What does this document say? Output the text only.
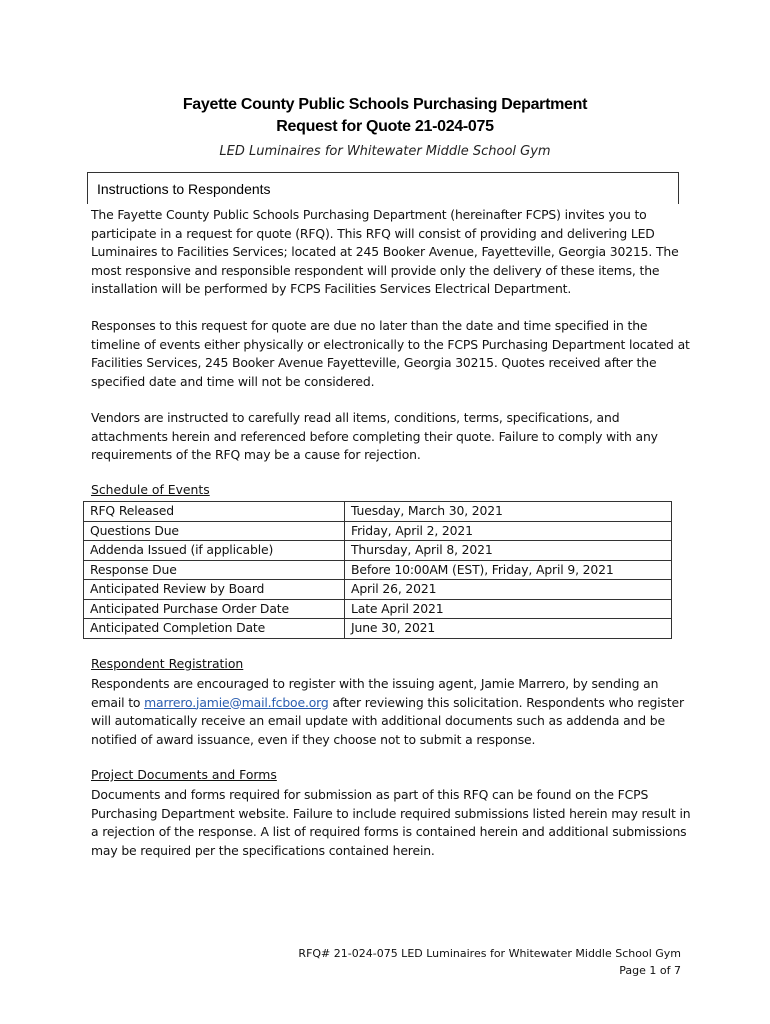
Fayette County Public Schools Purchasing Department
Request for Quote 21-024-075
LED Luminaires for Whitewater Middle School Gym
Instructions to Respondents
The Fayette County Public Schools Purchasing Department (hereinafter FCPS) invites you to participate in a request for quote (RFQ). This RFQ will consist of providing and delivering LED Luminaires to Facilities Services; located at 245 Booker Avenue, Fayetteville, Georgia 30215. The most responsive and responsible respondent will provide only the delivery of these items, the installation will be performed by FCPS Facilities Services Electrical Department.
Responses to this request for quote are due no later than the date and time specified in the timeline of events either physically or electronically to the FCPS Purchasing Department located at Facilities Services, 245 Booker Avenue Fayetteville, Georgia 30215. Quotes received after the specified date and time will not be considered.
Vendors are instructed to carefully read all items, conditions, terms, specifications, and attachments herein and referenced before completing their quote. Failure to comply with any requirements of the RFQ may be a cause for rejection.
Schedule of Events
RFQ Released	Tuesday, March 30, 2021
Questions Due	Friday, April 2, 2021
Addenda Issued (if applicable)	Thursday, April 8, 2021
Response Due	Before 10:00AM (EST), Friday, April 9, 2021
Anticipated Review by Board	April 26, 2021
Anticipated Purchase Order Date	Late April 2021
Anticipated Completion Date	June 30, 2021
Respondent Registration
Respondents are encouraged to register with the issuing agent, Jamie Marrero, by sending an email to marrero.jamie@mail.fcboe.org after reviewing this solicitation. Respondents who register will automatically receive an email update with additional documents such as addenda and be notified of award issuance, even if they choose not to submit a response.
Project Documents and Forms
Documents and forms required for submission as part of this RFQ can be found on the FCPS Purchasing Department website. Failure to include required submissions listed herein may result in a rejection of the response. A list of required forms is contained herein and additional submissions may be required per the specifications contained herein.
RFQ# 21-024-075 LED Luminaires for Whitewater Middle School Gym
Page 1 of 7
